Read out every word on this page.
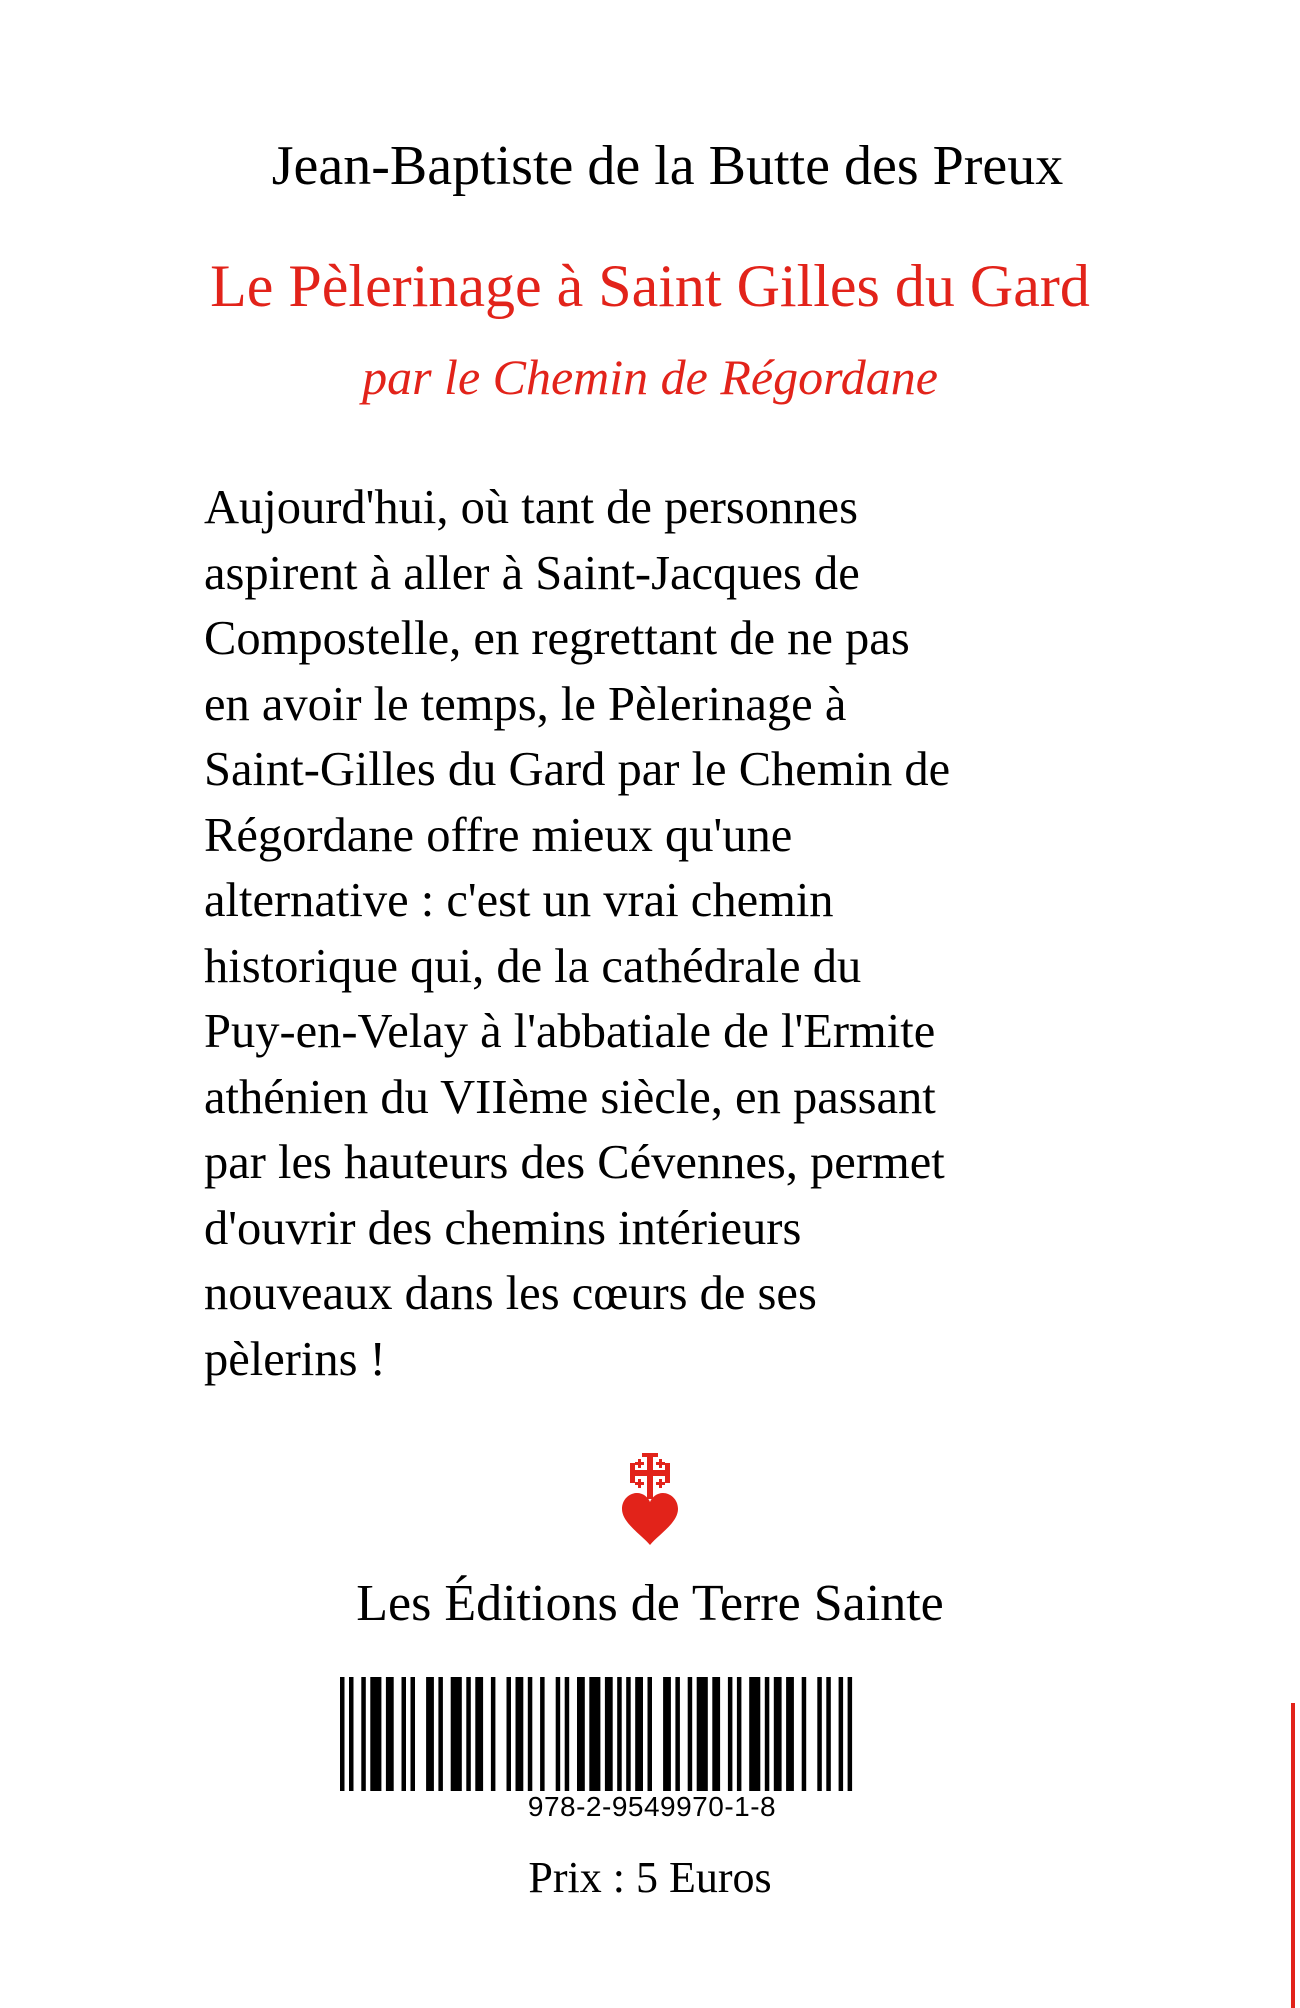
Jean-Baptiste de la Butte des Preux
Le Pèlerinage à Saint Gilles du Gard
par le Chemin de Régordane

Aujourd'hui, où tant de personnes
aspirent à aller à Saint-Jacques de
Compostelle, en regrettant de ne pas
en avoir le temps, le Pèlerinage à
Saint-Gilles du Gard par le Chemin de
Régordane offre mieux qu'une
alternative : c'est un vrai chemin
historique qui, de la cathédrale du
Puy-en-Velay à l'abbatiale de l'Ermite
athénien du VIIème siècle, en passant
par les hauteurs des Cévennes, permet
d'ouvrir des chemins intérieurs
nouveaux dans les cœurs de ses
pèlerins !

Les Éditions de Terre Sainte
978-2-9549970-1-8
Prix : 5 Euros
